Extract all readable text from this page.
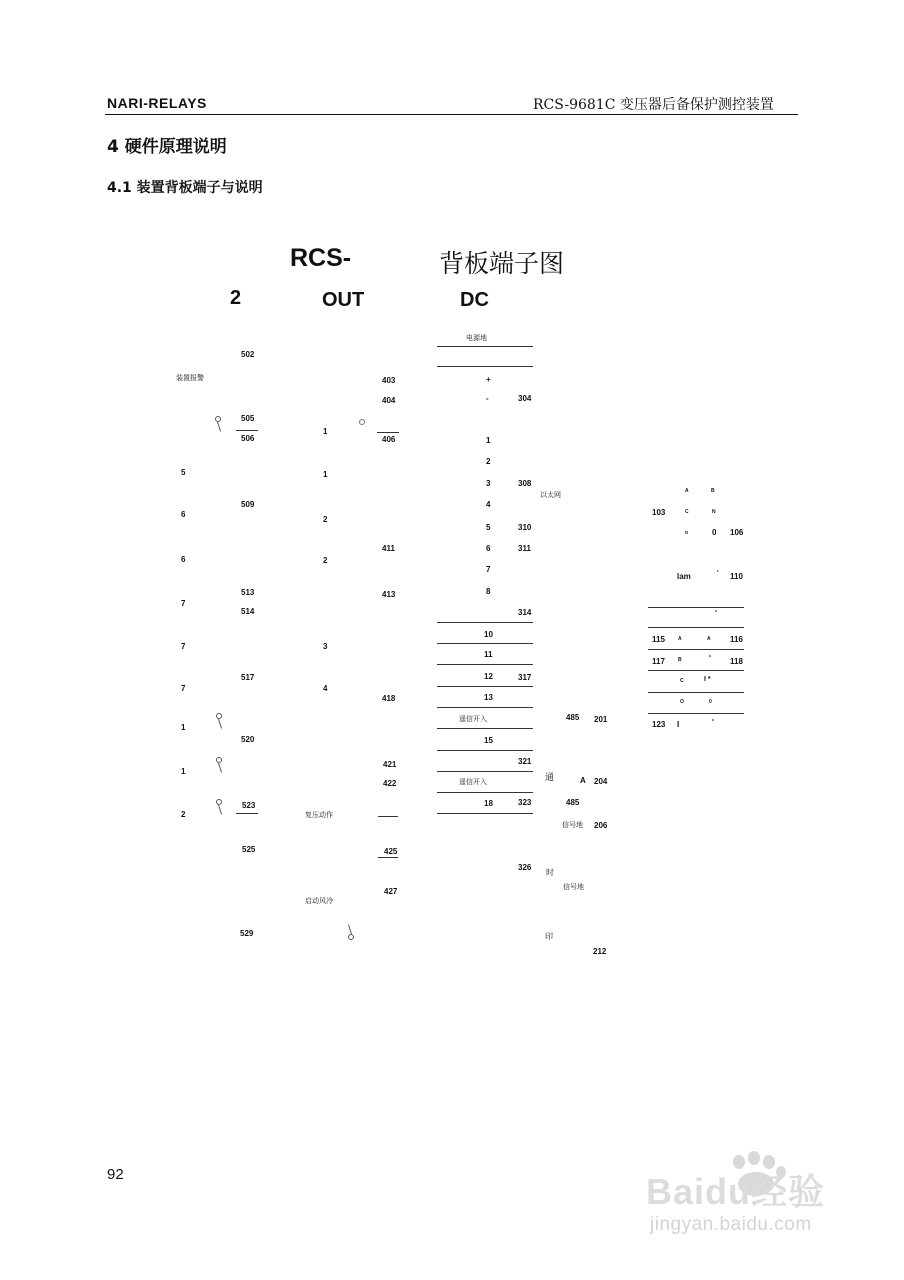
NARI-RELAYS	RCS-9681C 变压器后备保护测控装置
4 硬件原理说明
4.1 装置背板端子与说明
RCS-	背板端子图
2	OUT	DC
502
装置报警
505
506
5
509
6
6
513
7
514
7
517
7
1
520
1
523
2
525
529
403
404
1
406
1
2
411
2
413
3
4
418
421
422
复压动作
425
427
启动风冷
电源地
+
-	304
1
2
3	308
以太网
4
5	310
6	311
7
8
314
10
11
12	317
13
遥信开入
15
321
遥信开入
18	323
326
485 201
通	A 204
485
信号地 206
时
信号地
印
212
A	B
103	C	N
o	0 106
lam	' 110
*
115	A	A 116
117	B	* 118
C	I *
O	0
123 I	*
92	Baidu经验
jingyan.baidu.com
